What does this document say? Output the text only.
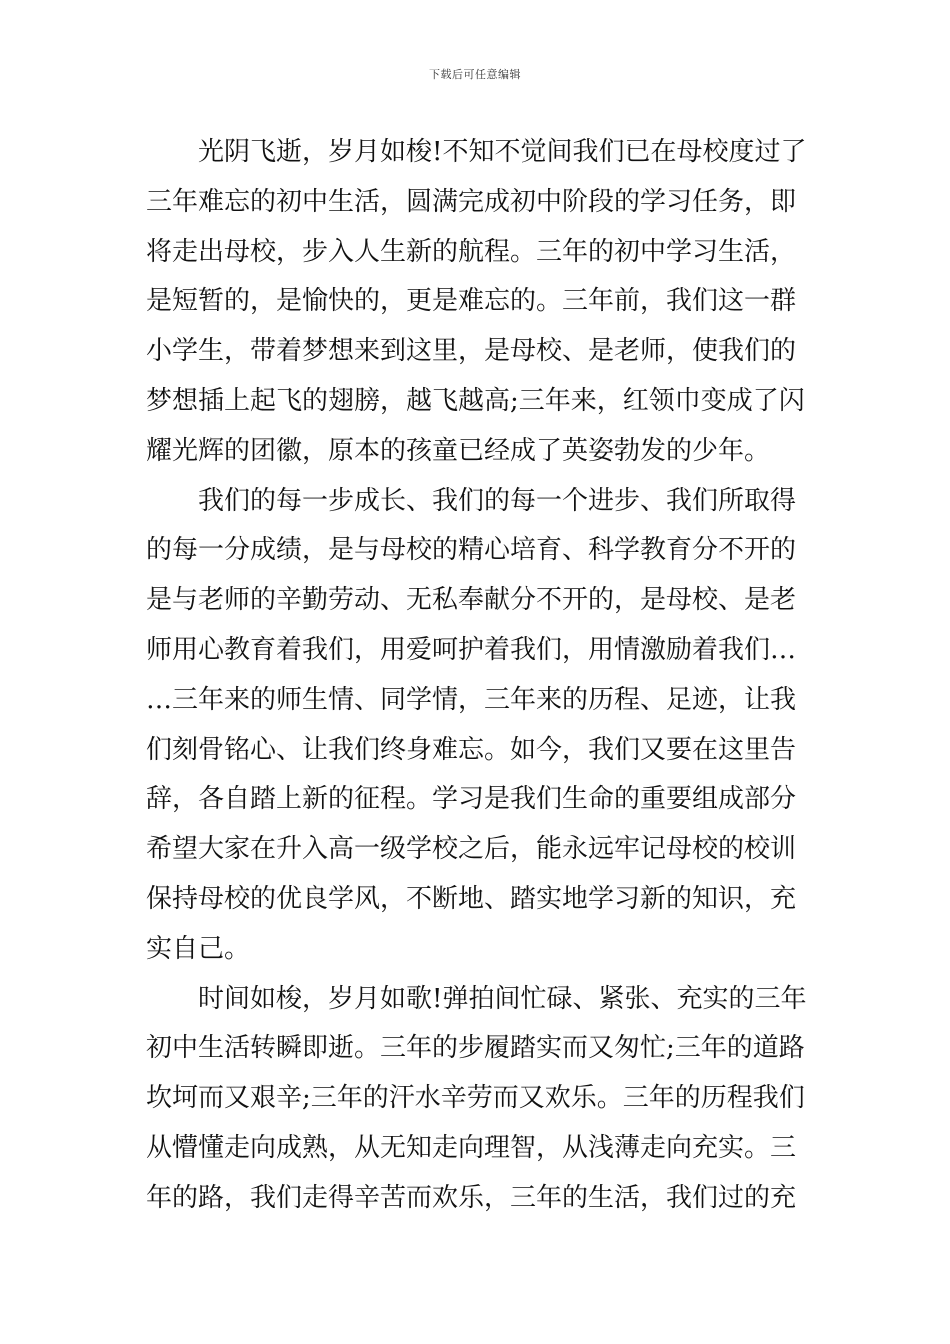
下载后可任意编辑
光阴飞逝，岁月如梭!不知不觉间我们已在母校度过了
三年难忘的初中生活，圆满完成初中阶段的学习任务，即
将走出母校，步入人生新的航程。三年的初中学习生活，
是短暂的，是愉快的，更是难忘的。三年前，我们这一群
小学生，带着梦想来到这里，是母校、是老师，使我们的
梦想插上起飞的翅膀，越飞越高;三年来，红领巾变成了闪
耀光辉的团徽，原本的孩童已经成了英姿勃发的少年。
我们的每一步成长、我们的每一个进步、我们所取得
的每一分成绩，是与母校的精心培育、科学教育分不开的
是与老师的辛勤劳动、无私奉献分不开的，是母校、是老
师用心教育着我们，用爱呵护着我们，用情激励着我们…
…三年来的师生情、同学情，三年来的历程、足迹，让我
们刻骨铭心、让我们终身难忘。如今，我们又要在这里告
辞，各自踏上新的征程。学习是我们生命的重要组成部分
希望大家在升入高一级学校之后，能永远牢记母校的校训
保持母校的优良学风，不断地、踏实地学习新的知识，充
实自己。
时间如梭，岁月如歌!弹拍间忙碌、紧张、充实的三年
初中生活转瞬即逝。三年的步履踏实而又匆忙;三年的道路
坎坷而又艰辛;三年的汗水辛劳而又欢乐。三年的历程我们
从懵懂走向成熟，从无知走向理智，从浅薄走向充实。三
年的路，我们走得辛苦而欢乐，三年的生活，我们过的充
